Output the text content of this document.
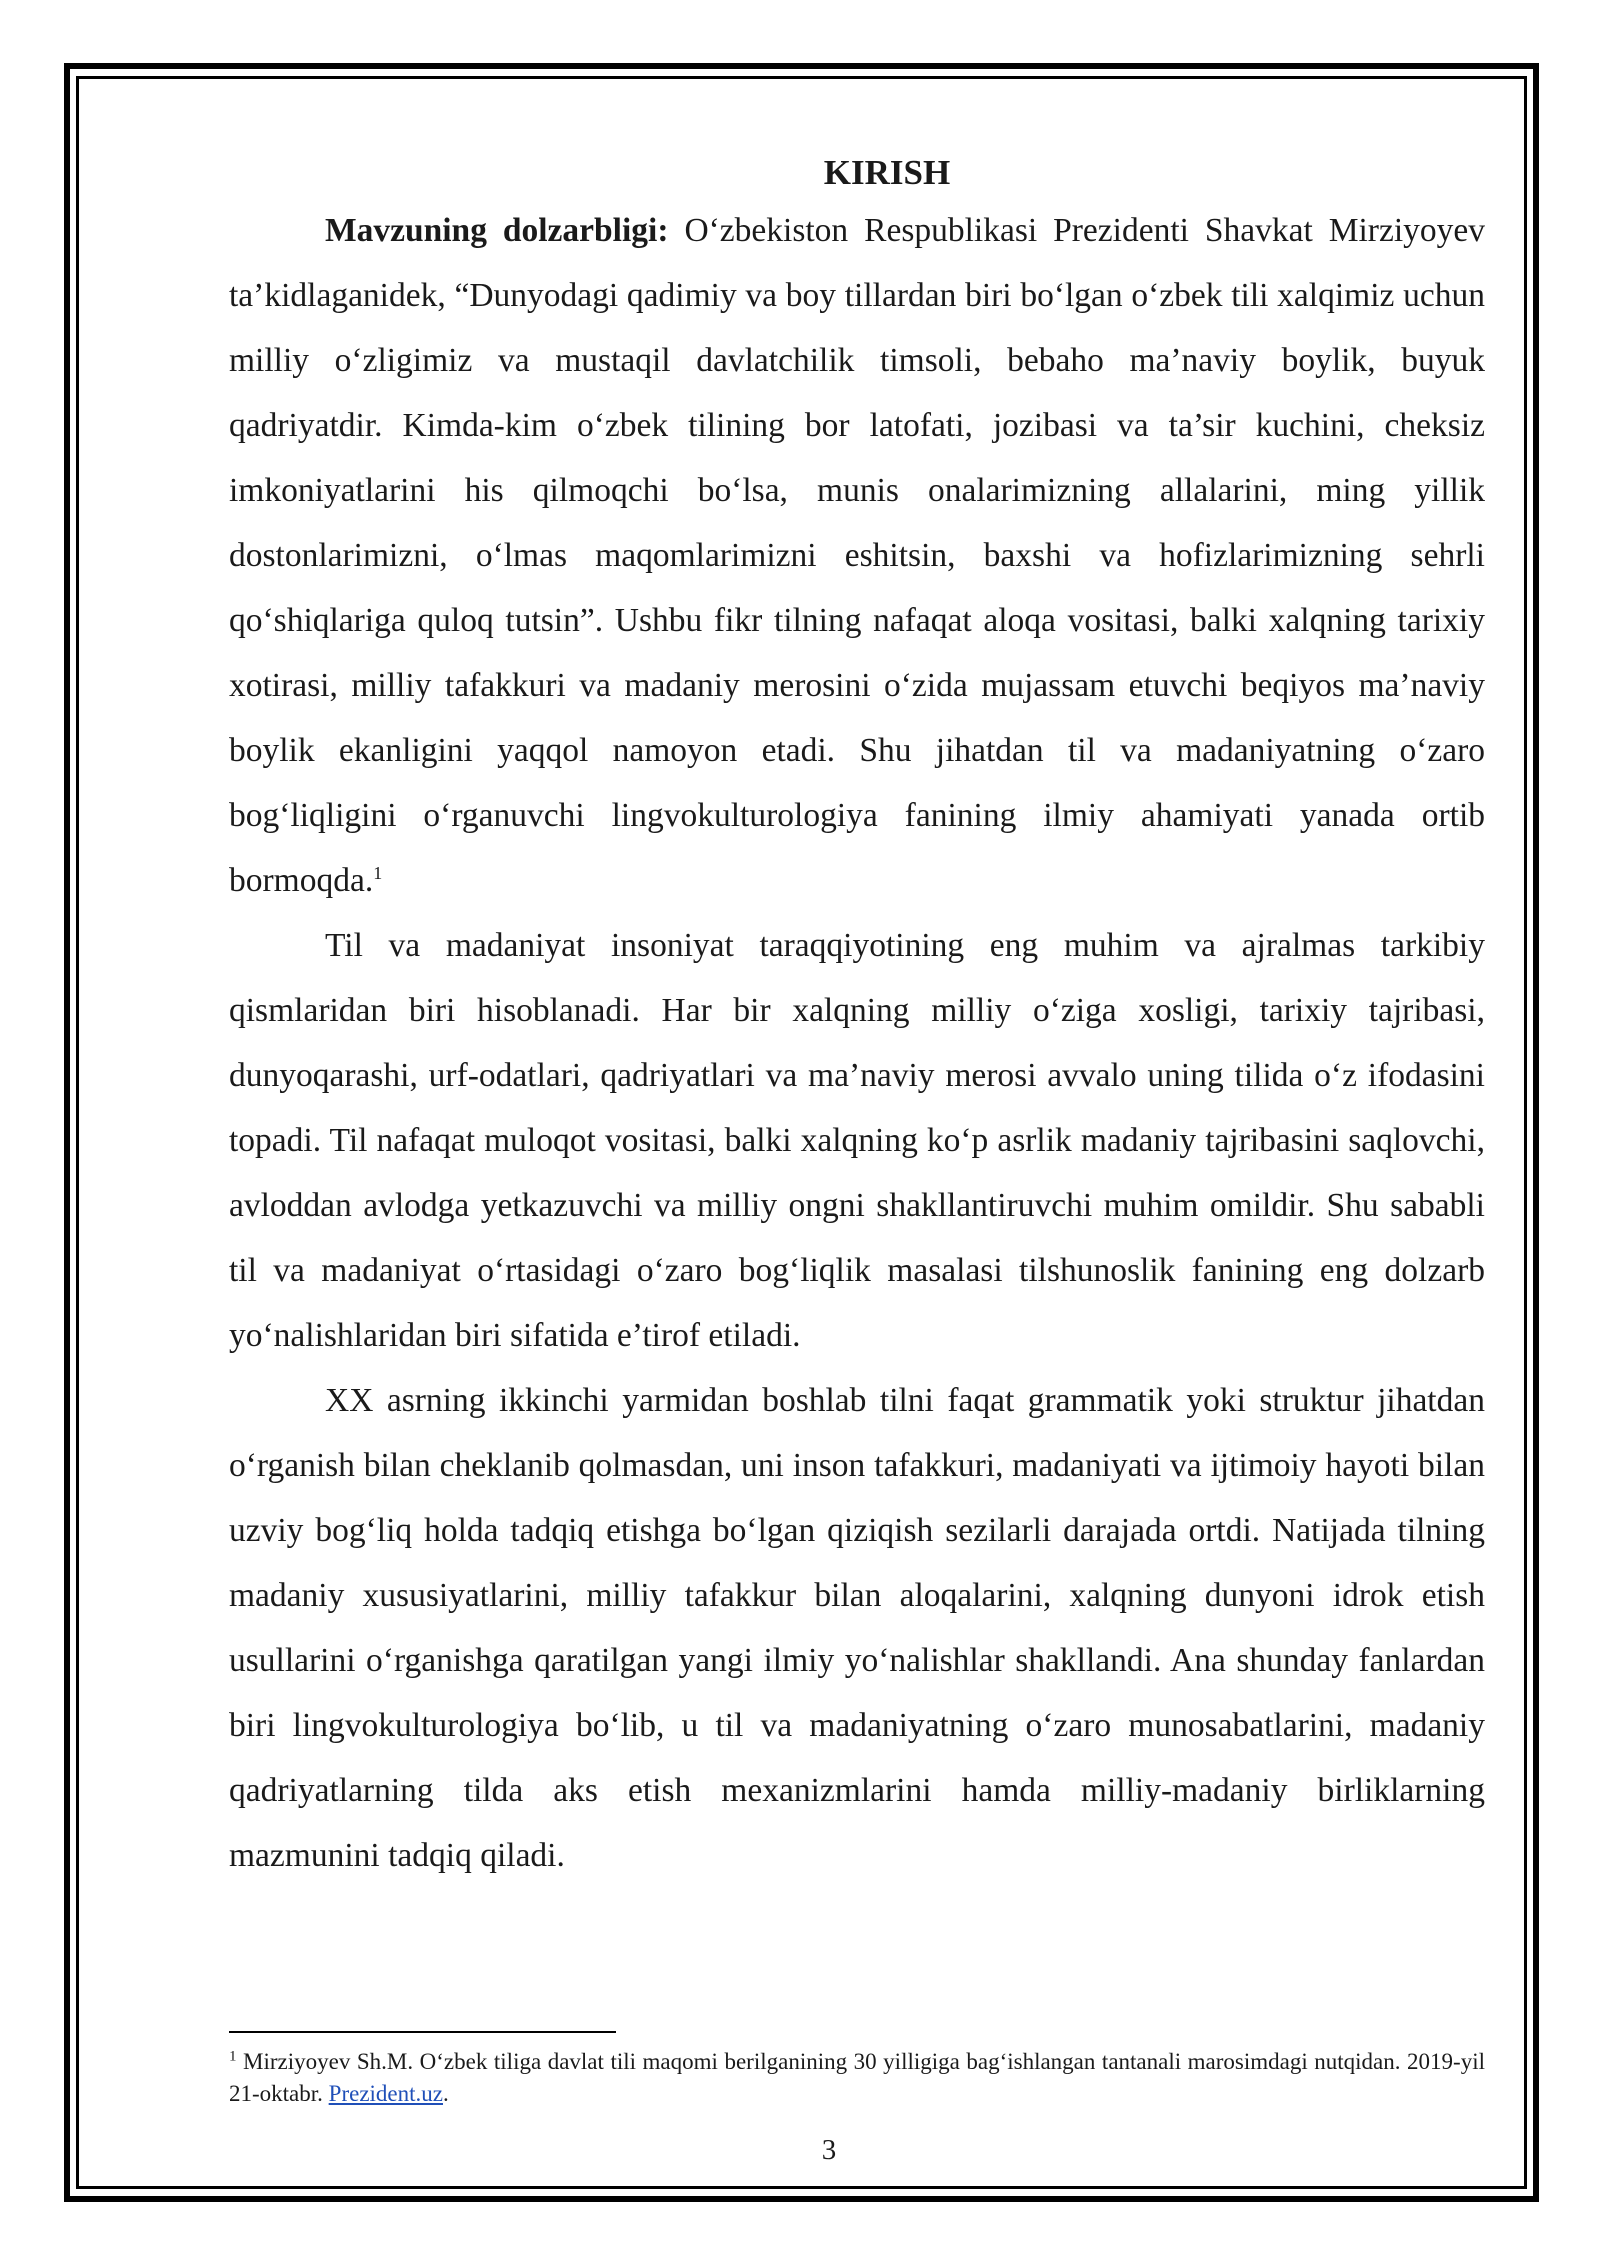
KIRISH

Mavzuning dolzarbligi: O‘zbekiston Respublikasi Prezidenti Shavkat Mirziyoyev ta’kidlaganidek, “Dunyodagi qadimiy va boy tillardan biri bo‘lgan o‘zbek tili xalqimiz uchun milliy o‘zligimiz va mustaqil davlatchilik timsoli, bebaho ma’naviy boylik, buyuk qadriyatdir. Kimda-kim o‘zbek tilining bor latofati, jozibasi va ta’sir kuchini, cheksiz imkoniyatlarini his qilmoqchi bo‘lsa, munis onalarimizning allalarini, ming yillik dostonlarimizni, o‘lmas maqomlarimizni eshitsin, baxshi va hofizlarimizning sehrli qo‘shiqlariga quloq tutsin”. Ushbu fikr tilning nafaqat aloqa vositasi, balki xalqning tarixiy xotirasi, milliy tafakkuri va madaniy merosini o‘zida mujassam etuvchi beqiyos ma’naviy boylik ekanligini yaqqol namoyon etadi. Shu jihatdan til va madaniyatning o‘zaro bog‘liqligini o‘rganuvchi lingvokulturologiya fanining ilmiy ahamiyati yanada ortib bormoqda.$^1$

Til va madaniyat insoniyat taraqqiyotining eng muhim va ajralmas tarkibiy qismlaridan biri hisoblanadi. Har bir xalqning milliy o‘ziga xosligi, tarixiy tajribasi, dunyoqarashi, urf-odatlari, qadriyatlari va ma’naviy merosi avvalo uning tilida o‘z ifodasini topadi. Til nafaqat muloqot vositasi, balki xalqning ko‘p asrlik madaniy tajribasini saqlovchi, avloddan avlodga yetkazuvchi va milliy ongni shakllantiruvchi muhim omildir. Shu sababli til va madaniyat o‘rtasidagi o‘zaro bog‘liqlik masalasi tilshunoslik fanining eng dolzarb yo‘nalishlaridan biri sifatida e’tirof etiladi.

XX asrning ikkinchi yarmidan boshlab tilni faqat grammatik yoki struktur jihatdan o‘rganish bilan cheklanib qolmasdan, uni inson tafakkuri, madaniyati va ijtimoiy hayoti bilan uzviy bog‘liq holda tadqiq etishga bo‘lgan qiziqish sezilarli darajada ortdi. Natijada tilning madaniy xususiyatlarini, milliy tafakkur bilan aloqalarini, xalqning dunyoni idrok etish usullarini o‘rganishga qaratilgan yangi ilmiy yo‘nalishlar shakllandi. Ana shunday fanlardan biri lingvokulturologiya bo‘lib, u til va madaniyatning o‘zaro munosabatlarini, madaniy qadriyatlarning tilda aks etish mexanizmlarini hamda milliy-madaniy birliklarning mazmunini tadqiq qiladi.

$^1$ Mirziyoyev Sh.M. O‘zbek tiliga davlat tili maqomi berilganining 30 yilligiga bag‘ishlangan tantanali marosimdagi nutqidan. 2019-yil 21-oktabr. Prezident.uz.
3
